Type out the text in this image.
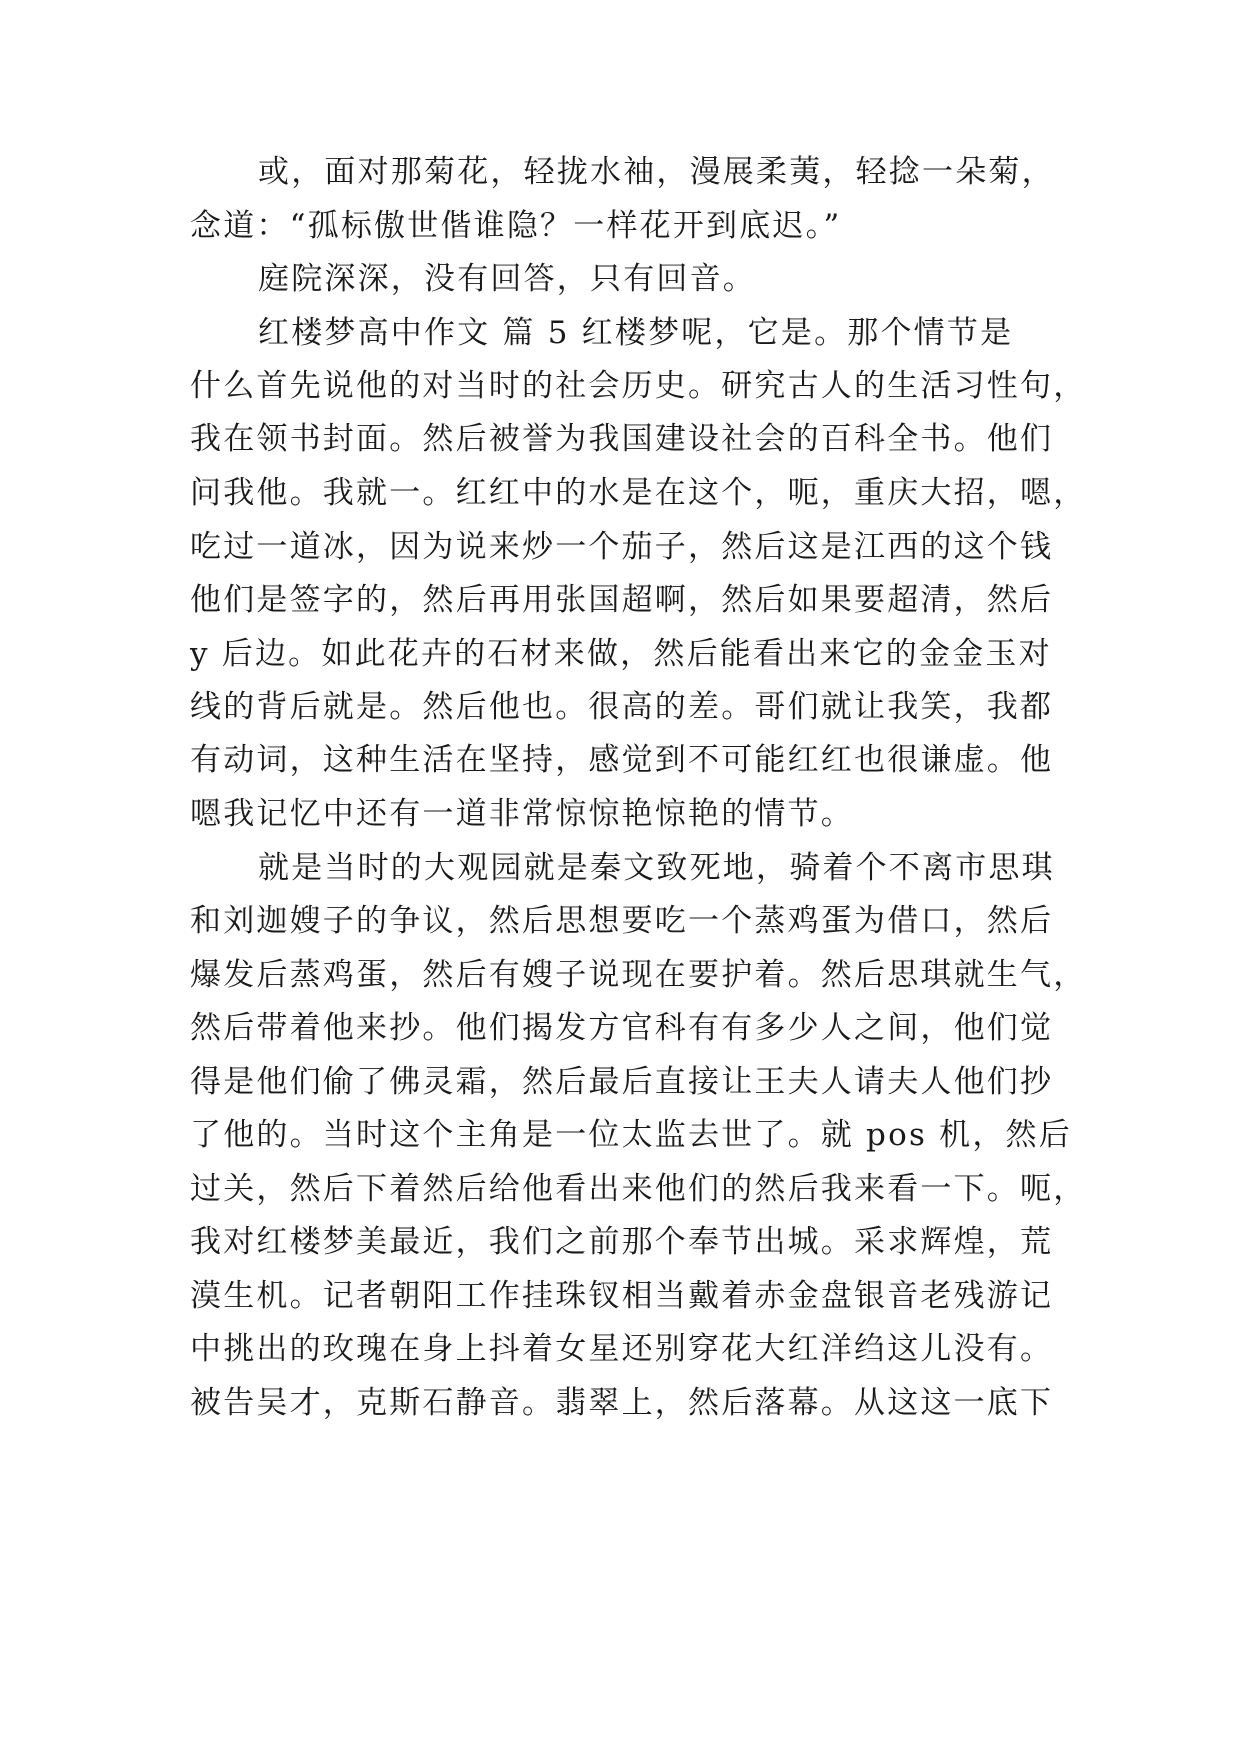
或，面对那菊花，轻拢水袖，漫展柔荑，轻捻一朵菊，
念道：“孤标傲世偕谁隐？一样花开到底迟。”
庭院深深，没有回答，只有回音。
红楼梦高中作文 篇 5 红楼梦呢，它是。那个情节是
什么首先说他的对当时的社会历史。研究古人的生活习性句，
我在领书封面。然后被誉为我国建设社会的百科全书。他们
问我他。我就一。红红中的水是在这个，呃，重庆大招，嗯，
吃过一道冰，因为说来炒一个茄子，然后这是江西的这个钱
他们是签字的，然后再用张国超啊，然后如果要超清，然后
y 后边。如此花卉的石材来做，然后能看出来它的金金玉对
线的背后就是。然后他也。很高的差。哥们就让我笑，我都
有动词，这种生活在坚持，感觉到不可能红红也很谦虚。他
嗯我记忆中还有一道非常惊惊艳惊艳的情节。
就是当时的大观园就是秦文致死地，骑着个不离市思琪
和刘迦嫂子的争议，然后思想要吃一个蒸鸡蛋为借口，然后
爆发后蒸鸡蛋，然后有嫂子说现在要护着。然后思琪就生气，
然后带着他来抄。他们揭发方官科有有多少人之间，他们觉
得是他们偷了佛灵霜，然后最后直接让王夫人请夫人他们抄
了他的。当时这个主角是一位太监去世了。就 pos 机，然后
过关，然后下着然后给他看出来他们的然后我来看一下。呃，
我对红楼梦美最近，我们之前那个奉节出城。采求辉煌，荒
漠生机。记者朝阳工作挂珠钗相当戴着赤金盘银音老残游记
中挑出的玫瑰在身上抖着女星还别穿花大红洋绉这儿没有。
被告吴才，克斯石静音。翡翠上，然后落幕。从这这一底下
